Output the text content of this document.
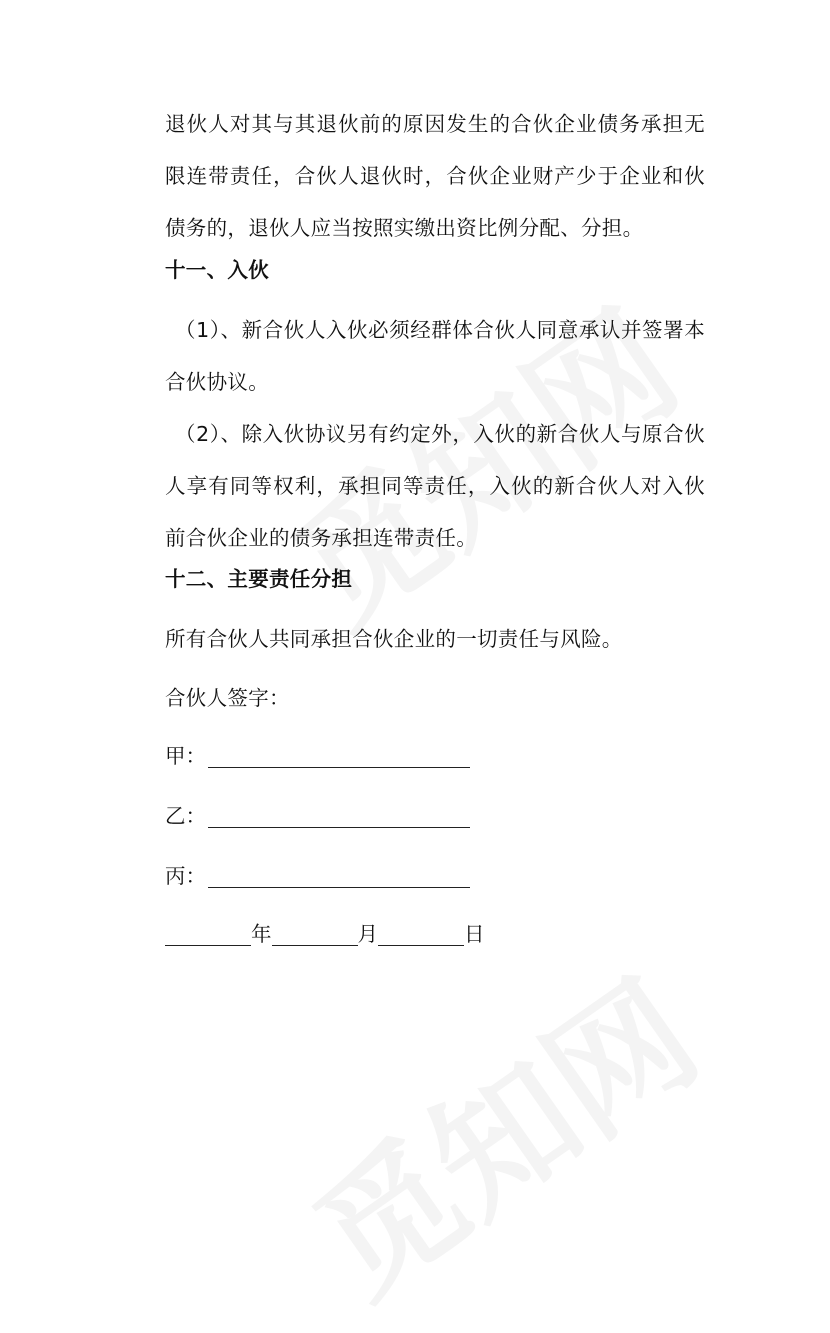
退伙人对其与其退伙前的原因发生的合伙企业债务承担无限连带责任，合伙人退伙时，合伙企业财产少于企业和伙债务的，退伙人应当按照实缴出资比例分配、分担。
十一、入伙
（1）、新合伙人入伙必须经群体合伙人同意承认并签署本合伙协议。
（2）、除入伙协议另有约定外，入伙的新合伙人与原合伙人享有同等权利，承担同等责任，入伙的新合伙人对入伙前合伙企业的债务承担连带责任。
十二、主要责任分担
所有合伙人共同承担合伙企业的一切责任与风险。
合伙人签字：
甲：
乙：
丙：
年	月	日
